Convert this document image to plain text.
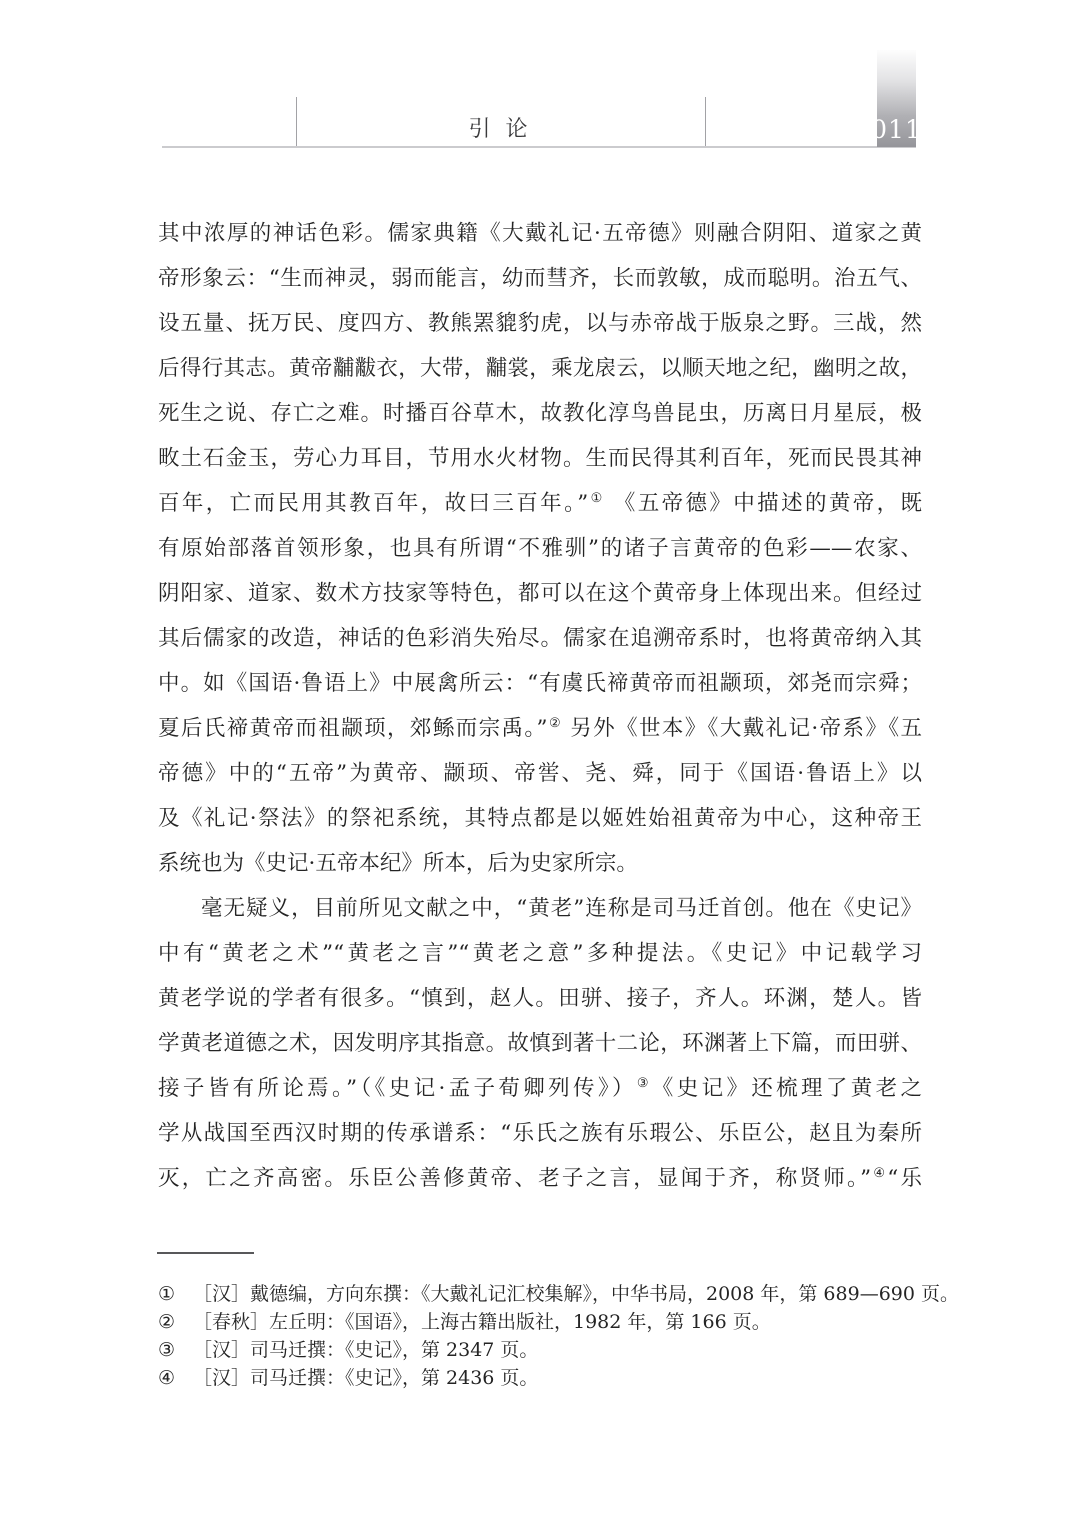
引 论	011
其中浓厚的神话色彩。儒家典籍《大戴礼记·五帝德》则融合阴阳、道家之黄
帝形象云：“生而神灵，弱而能言，幼而彗齐，长而敦敏，成而聪明。治五气、
设五量、抚万民、度四方、教熊罴貔豹虎，以与赤帝战于版泉之野。三战，然
后得行其志。黄帝黼黻衣，大带，黼裳，乘龙扆云，以顺天地之纪，幽明之故，
死生之说、存亡之难。时播百谷草木，故教化淳鸟兽昆虫，历离日月星辰，极
畋土石金玉，劳心力耳目，节用水火材物。生而民得其利百年，死而民畏其神
百年，亡而民用其教百年，故曰三百年。”① 《五帝德》中描述的黄帝，既
有原始部落首领形象，也具有所谓“不雅驯”的诸子言黄帝的色彩——农家、
阴阳家、道家、数术方技家等特色，都可以在这个黄帝身上体现出来。但经过
其后儒家的改造，神话的色彩消失殆尽。儒家在追溯帝系时，也将黄帝纳入其
中。如《国语·鲁语上》中展禽所云：“有虞氏禘黄帝而祖颛顼，郊尧而宗舜；
夏后氏禘黄帝而祖颛顼，郊鲧而宗禹。”② 另外《世本》《大戴礼记·帝系》《五
帝德》中的“五帝”为黄帝、颛顼、帝喾、尧、舜，同于《国语·鲁语上》以
及《礼记·祭法》的祭祀系统，其特点都是以姬姓始祖黄帝为中心，这种帝王
系统也为《史记·五帝本纪》所本，后为史家所宗。
毫无疑义，目前所见文献之中，“黄老”连称是司马迁首创。他在《史记》
中有“黄老之术”“黄老之言”“黄老之意”多种提法。《史记》中记载学习
黄老学说的学者有很多。“慎到，赵人。田骈、接子，齐人。环渊，楚人。皆
学黄老道德之术，因发明序其指意。故慎到著十二论，环渊著上下篇，而田骈、
接子皆有所论焉。”（《史记·孟子荀卿列传》）③《史记》还梳理了黄老之
学从战国至西汉时期的传承谱系：“乐氏之族有乐瑕公、乐臣公，赵且为秦所
灭，亡之齐高密。乐臣公善修黄帝、老子之言，显闻于齐，称贤师。”④“乐
① ［汉］戴德编，方向东撰：《大戴礼记汇校集解》，中华书局，2008 年，第 689—690 页。
② ［春秋］左丘明：《国语》，上海古籍出版社，1982 年，第 166 页。
③ ［汉］司马迁撰：《史记》，第 2347 页。
④ ［汉］司马迁撰：《史记》，第 2436 页。
